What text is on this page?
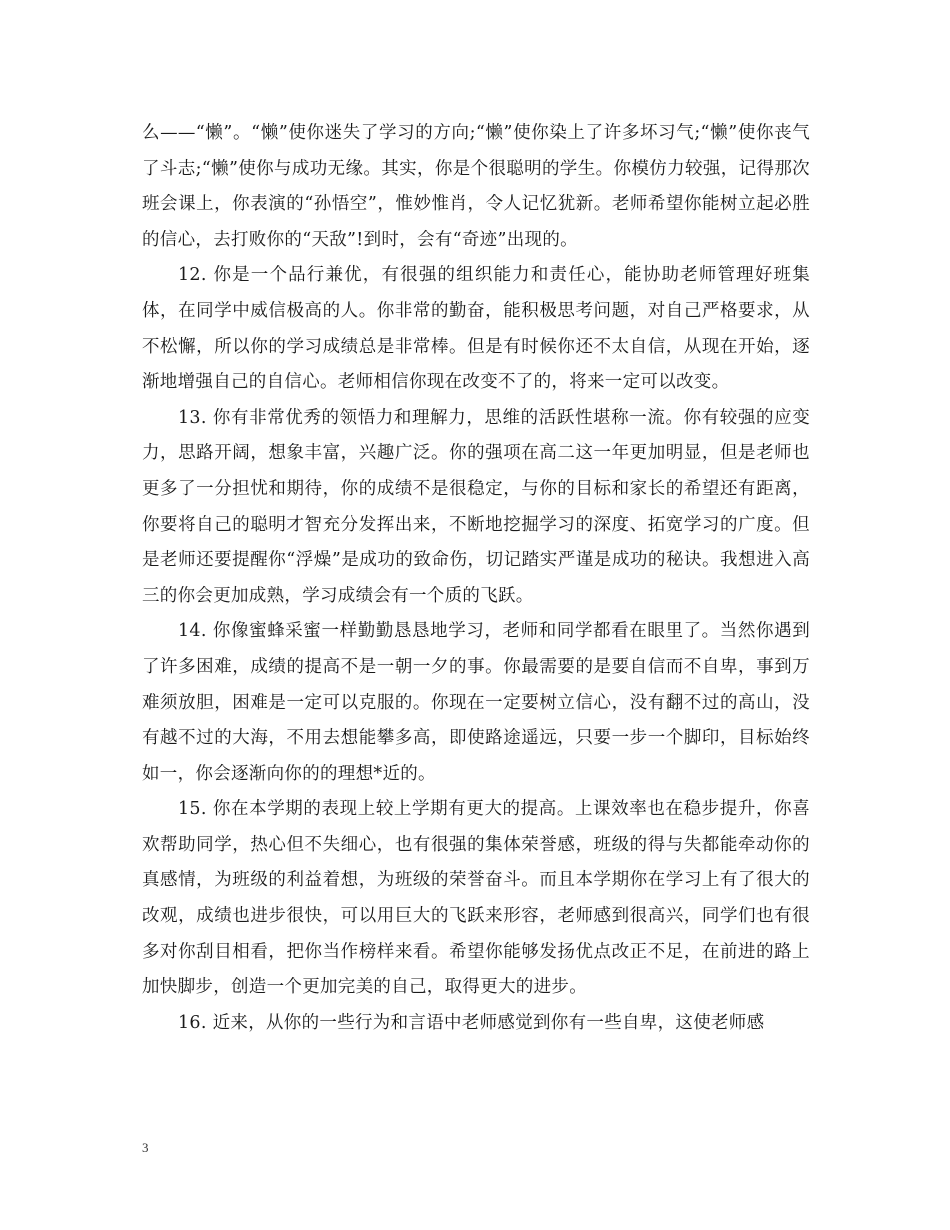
么——“懒”。“懒”使你迷失了学习的方向;“懒”使你染上了许多坏习气;“懒”使你丧气了斗志;“懒”使你与成功无缘。其实，你是个很聪明的学生。你模仿力较强，记得那次班会课上，你表演的“孙悟空”，惟妙惟肖，令人记忆犹新。老师希望你能树立起必胜的信心，去打败你的“天敌”!到时，会有“奇迹”出现的。

12. 你是一个品行兼优，有很强的组织能力和责任心，能协助老师管理好班集体，在同学中威信极高的人。你非常的勤奋，能积极思考问题，对自己严格要求，从不松懈，所以你的学习成绩总是非常棒。但是有时候你还不太自信，从现在开始，逐渐地增强自己的自信心。老师相信你现在改变不了的，将来一定可以改变。

13. 你有非常优秀的领悟力和理解力，思维的活跃性堪称一流。你有较强的应变力，思路开阔，想象丰富，兴趣广泛。你的强项在高二这一年更加明显，但是老师也更多了一分担忧和期待，你的成绩不是很稳定，与你的目标和家长的希望还有距离，你要将自己的聪明才智充分发挥出来，不断地挖掘学习的深度、拓宽学习的广度。但是老师还要提醒你“浮燥”是成功的致命伤，切记踏实严谨是成功的秘诀。我想进入高三的你会更加成熟，学习成绩会有一个质的飞跃。

14. 你像蜜蜂采蜜一样勤勤恳恳地学习，老师和同学都看在眼里了。当然你遇到了许多困难，成绩的提高不是一朝一夕的事。你最需要的是要自信而不自卑，事到万难须放胆，困难是一定可以克服的。你现在一定要树立信心，没有翻不过的高山，没有越不过的大海，不用去想能攀多高，即使路途遥远，只要一步一个脚印，目标始终如一，你会逐渐向你的的理想*近的。

15. 你在本学期的表现上较上学期有更大的提高。上课效率也在稳步提升，你喜欢帮助同学，热心但不失细心，也有很强的集体荣誉感，班级的得与失都能牵动你的真感情，为班级的利益着想，为班级的荣誉奋斗。而且本学期你在学习上有了很大的改观，成绩也进步很快，可以用巨大的飞跃来形容，老师感到很高兴，同学们也有很多对你刮目相看，把你当作榜样来看。希望你能够发扬优点改正不足，在前进的路上加快脚步，创造一个更加完美的自己，取得更大的进步。

16. 近来，从你的一些行为和言语中老师感觉到你有一些自卑，这使老师感

3
